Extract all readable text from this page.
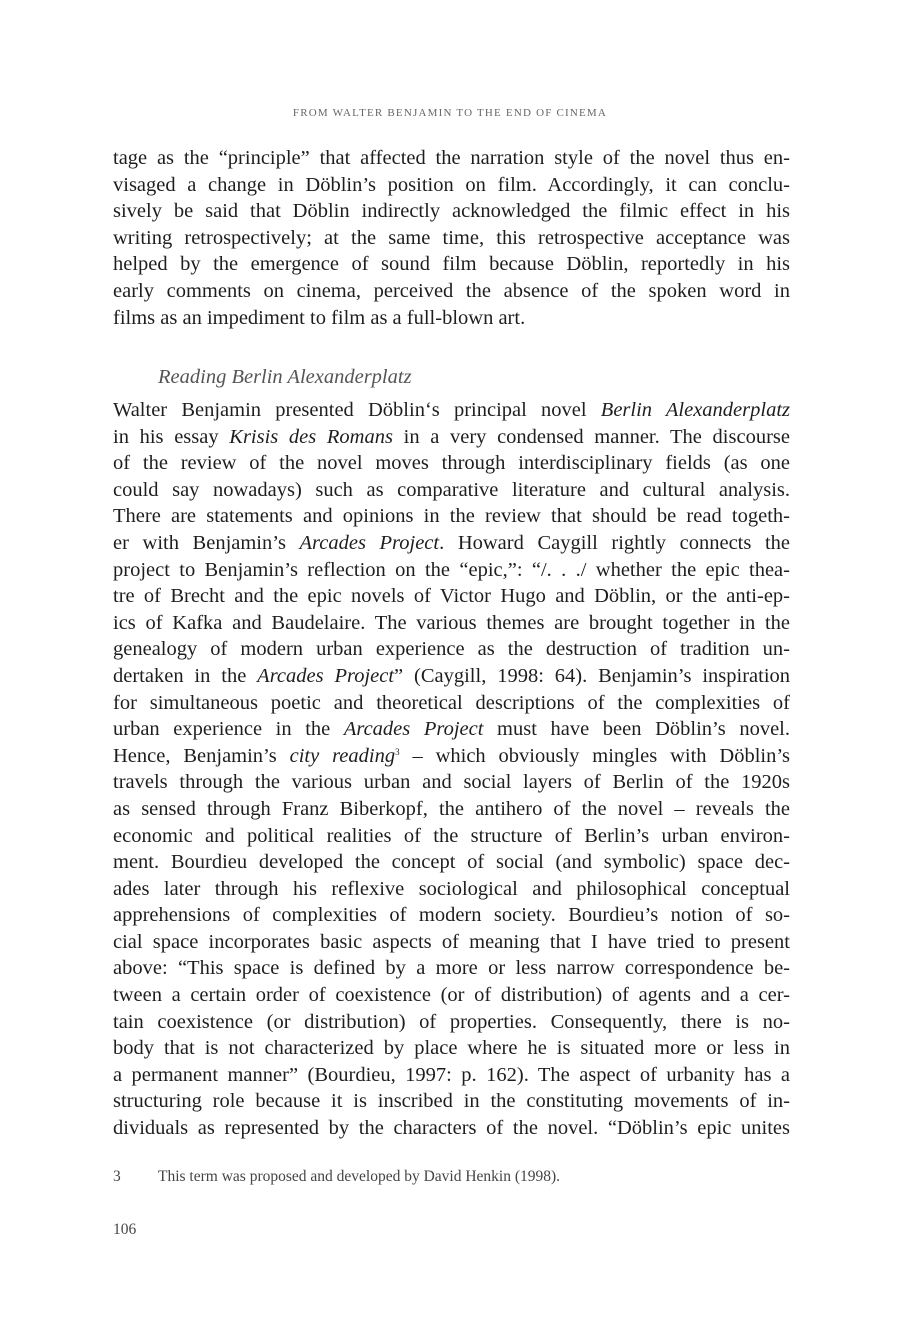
FROM WALTER BENJAMIN TO THE END OF CINEMA

tage as the “principle” that affected the narration style of the novel thus en-
visaged a change in Döblin’s position on film. Accordingly, it can conclu-
sively be said that Döblin indirectly acknowledged the filmic effect in his
writing retrospectively; at the same time, this retrospective acceptance was
helped by the emergence of sound film because Döblin, reportedly in his
early comments on cinema, perceived the absence of the spoken word in
films as an impediment to film as a full-blown art.
Reading Berlin Alexanderplatz
Walter Benjamin presented Döblin‘s principal novel Berlin Alexanderplatz
in his essay Krisis des Romans in a very condensed manner. The discourse
of the review of the novel moves through interdisciplinary fields (as one
could say nowadays) such as comparative literature and cultural analysis.
There are statements and opinions in the review that should be read togeth-
er with Benjamin’s Arcades Project. Howard Caygill rightly connects the
project to Benjamin’s reflection on the “epic,”: “/. . ./ whether the epic thea-
tre of Brecht and the epic novels of Victor Hugo and Döblin, or the anti-ep-
ics of Kafka and Baudelaire. The various themes are brought together in the
genealogy of modern urban experience as the destruction of tradition un-
dertaken in the Arcades Project” (Caygill, 1998: 64). Benjamin’s inspiration
for simultaneous poetic and theoretical descriptions of the complexities of
urban experience in the Arcades Project must have been Döblin’s novel.
Hence, Benjamin’s city reading$^3$ – which obviously mingles with Döblin’s
travels through the various urban and social layers of Berlin of the 1920s
as sensed through Franz Biberkopf, the antihero of the novel – reveals the
economic and political realities of the structure of Berlin’s urban environ-
ment. Bourdieu developed the concept of social (and symbolic) space dec-
ades later through his reflexive sociological and philosophical conceptual
apprehensions of complexities of modern society. Bourdieu’s notion of so-
cial space incorporates basic aspects of meaning that I have tried to present
above: “This space is defined by a more or less narrow correspondence be-
tween a certain order of coexistence (or of distribution) of agents and a cer-
tain coexistence (or distribution) of properties. Consequently, there is no-
body that is not characterized by place where he is situated more or less in
a permanent manner” (Bourdieu, 1997: p. 162). The aspect of urbanity has a
structuring role because it is inscribed in the constituting movements of in-
dividuals as represented by the characters of the novel. “Döblin’s epic unites
3	This term was proposed and developed by David Henkin (1998).

106
